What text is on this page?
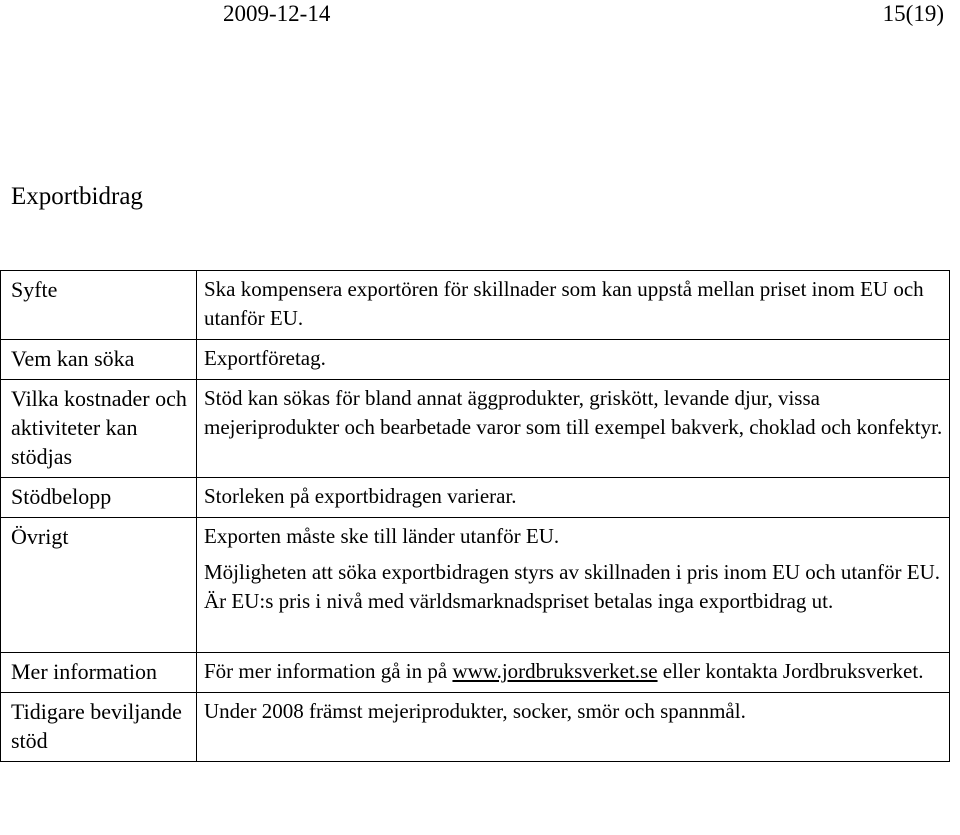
2009-12-14	15(19)
Exportbidrag
Syfte	Ska kompensera exportören för skillnader som kan uppstå mellan priset inom EU och utanför EU.
Vem kan söka	Exportföretag.
Vilka kostnader och aktiviteter kan stödjas	Stöd kan sökas för bland annat äggprodukter, griskött, levande djur, vissa mejeriprodukter och bearbetade varor som till exempel bakverk, choklad och konfektyr.
Stödbelopp	Storleken på exportbidragen varierar.

Övrigt	Exporten måste ske till länder utanför EU.
Möjligheten att söka exportbidragen styrs av skillnaden i pris inom EU och utanför EU. Är EU:s pris i nivå med världsmarknadspriset betalas inga exportbidrag ut.

Mer information	För mer information gå in på www.jordbruksverket.se eller kontakta Jordbruksverket.
Tidigare beviljande stöd	Under 2008 främst mejeriprodukter, socker, smör och spannmål.
